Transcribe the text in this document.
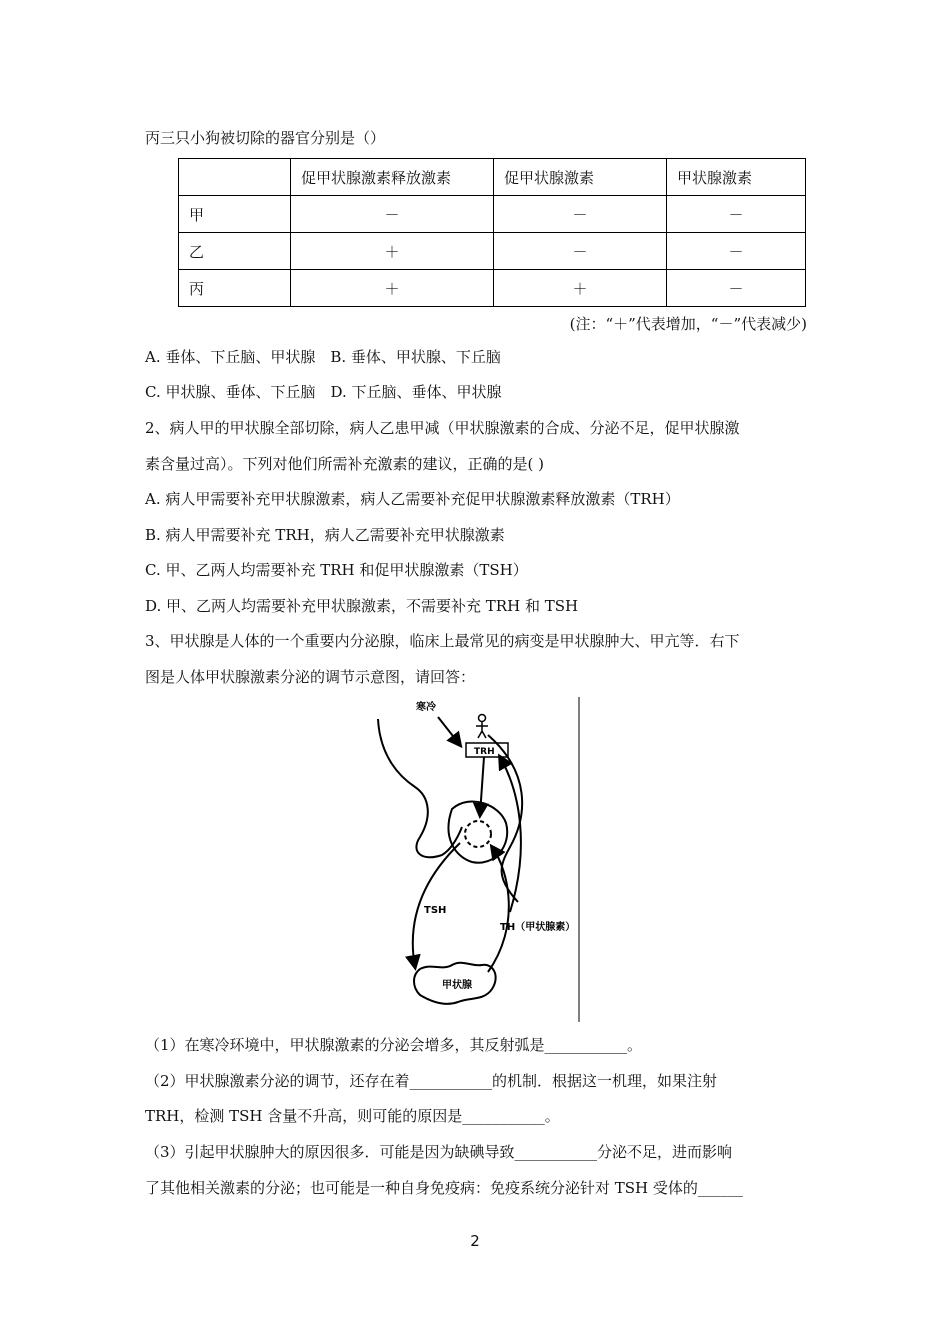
丙三只小狗被切除的器官分别是（）
	促甲状腺激素释放激素	促甲状腺激素	甲状腺激素
甲	－	－	－
乙	＋	－	－
丙	＋	＋	－
(注：“＋”代表增加，“－”代表减少)
A. 垂体、下丘脑、甲状腺　B. 垂体、甲状腺、下丘脑
C. 甲状腺、垂体、下丘脑　D. 下丘脑、垂体、甲状腺
2、病人甲的甲状腺全部切除，病人乙患甲减（甲状腺激素的合成、分泌不足，促甲状腺激
素含量过高）。下列对他们所需补充激素的建议，正确的是( )
A. 病人甲需要补充甲状腺激素，病人乙需要补充促甲状腺激素释放激素（TRH）
B. 病人甲需要补充 TRH，病人乙需要补充甲状腺激素
C. 甲、乙两人均需要补充 TRH 和促甲状腺激素（TSH）
D. 甲、乙两人均需要补充甲状腺激素，不需要补充 TRH 和 TSH
3、甲状腺是人体的一个重要内分泌腺，临床上最常见的病变是甲状腺肿大、甲亢等．右下
图是人体甲状腺激素分泌的调节示意图，请回答：
寒冷
TRH
TSH
TH（甲状腺素）
甲状腺
（1）在寒冷环境中，甲状腺激素的分泌会增多，其反射弧是___________。
（2）甲状腺激素分泌的调节，还存在着___________的机制．根据这一机理，如果注射
TRH，检测 TSH 含量不升高，则可能的原因是___________。
（3）引起甲状腺肿大的原因很多．可能是因为缺碘导致___________分泌不足，进而影响
了其他相关激素的分泌；也可能是一种自身免疫病：免疫系统分泌针对 TSH 受体的______
2
